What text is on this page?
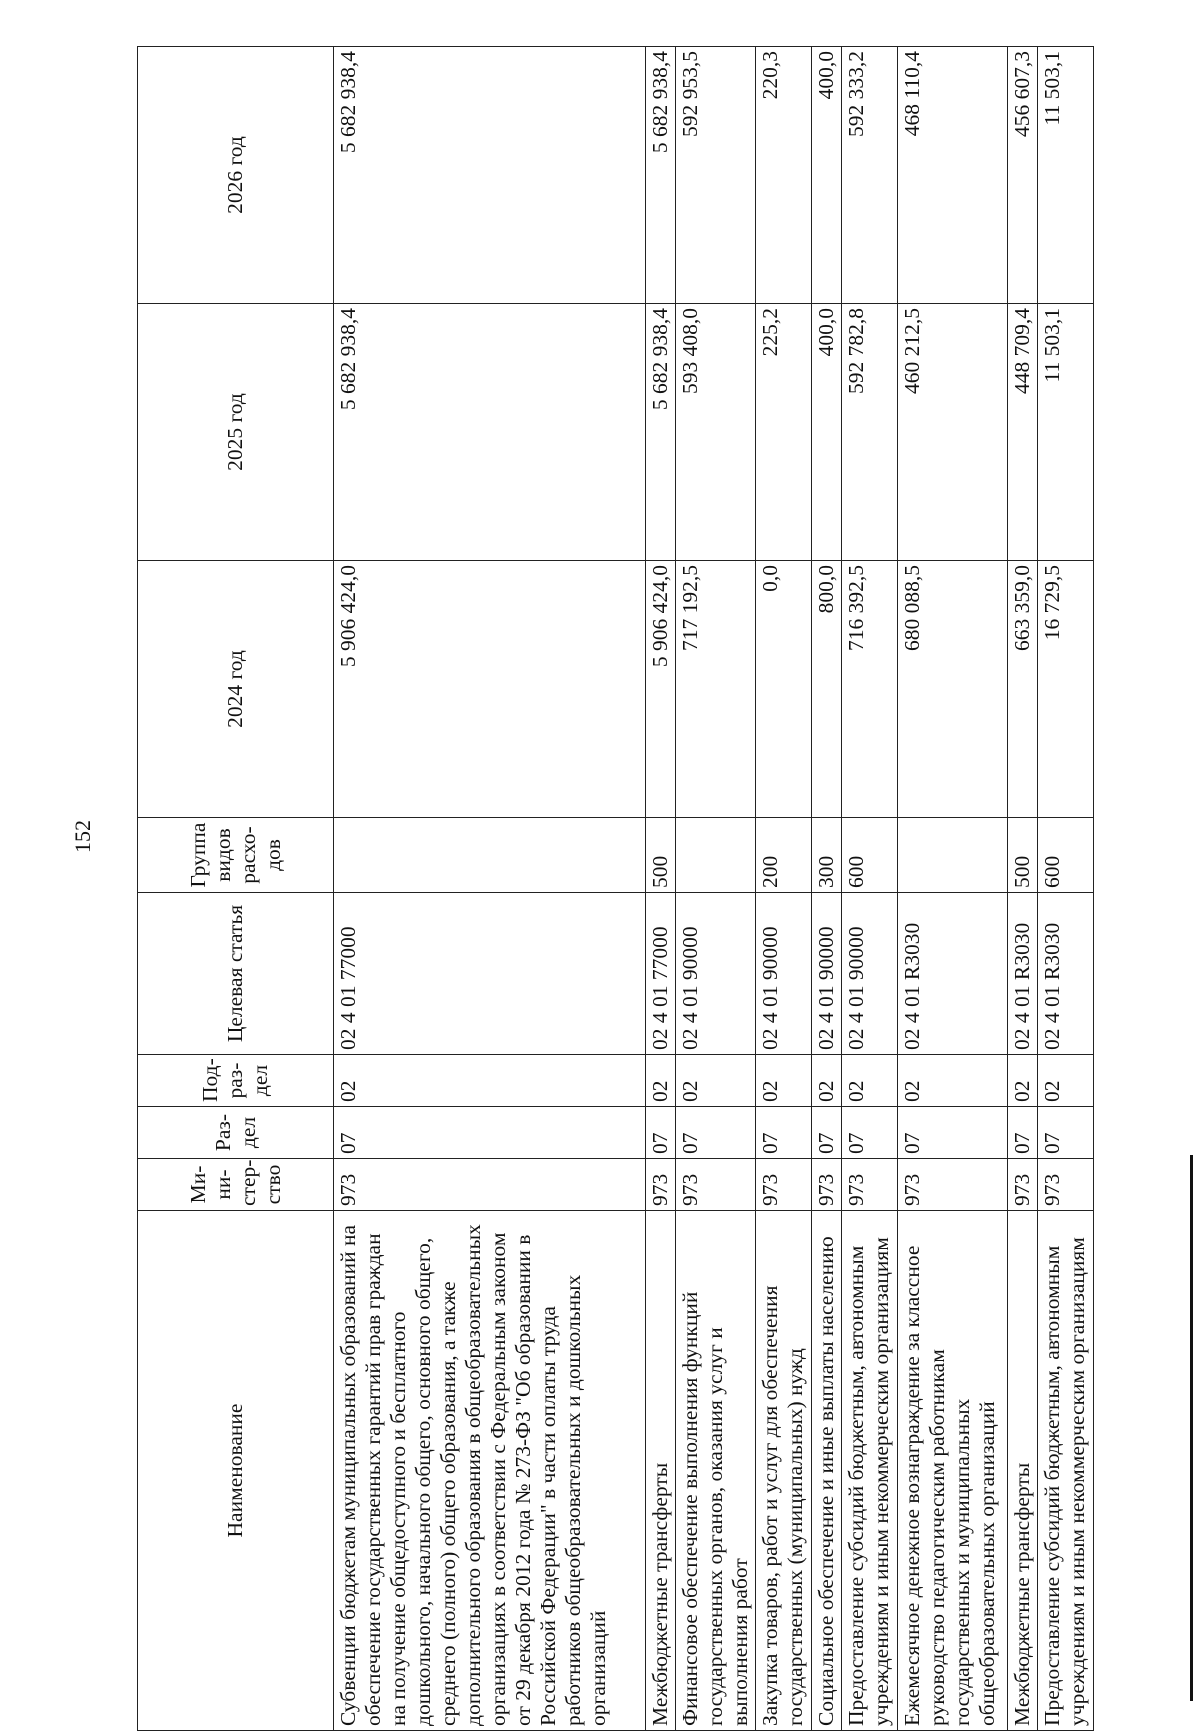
152
Наименование	Ми-ни-стер-ство	Раз-дел	Под-раз-дел	Целевая статья	Группа видов расхо-дов	2024 год	2025 год	2026 год
Субвенции бюджетам муниципальных образований на обеспечение государственных гарантий прав граждан на получение общедоступного и бесплатного дошкольного, начального общего, основного общего, среднего (полного) общего образования, а также дополнительного образования в общеобразовательных организациях в соответствии с Федеральным законом от 29 декабря 2012 года № 273-ФЗ "Об образовании в Российской Федерации" в части оплаты труда работников общеобразовательных и дошкольных организаций	973	07	02	02 4 01 77000		5 906 424,0	5 682 938,4	5 682 938,4
Межбюджетные трансферты	973	07	02	02 4 01 77000	500	5 906 424,0	5 682 938,4	5 682 938,4
Финансовое обеспечение выполнения функций государственных органов, оказания услуг и выполнения работ	973	07	02	02 4 01 90000		717 192,5	593 408,0	592 953,5
Закупка товаров, работ и услуг для обеспечения государственных (муниципальных) нужд	973	07	02	02 4 01 90000	200	0,0	225,2	220,3
Социальное обеспечение и иные выплаты населению	973	07	02	02 4 01 90000	300	800,0	400,0	400,0
Предоставление субсидий бюджетным, автономным учреждениям и иным некоммерческим организациям	973	07	02	02 4 01 90000	600	716 392,5	592 782,8	592 333,2
Ежемесячное денежное вознаграждение за классное руководство педагогическим работникам государственных и муниципальных общеобразовательных организаций	973	07	02	02 4 01 R3030		680 088,5	460 212,5	468 110,4
Межбюджетные трансферты	973	07	02	02 4 01 R3030	500	663 359,0	448 709,4	456 607,3
Предоставление субсидий бюджетным, автономным учреждениям и иным некоммерческим организациям	973	07	02	02 4 01 R3030	600	16 729,5	11 503,1	11 503,1
